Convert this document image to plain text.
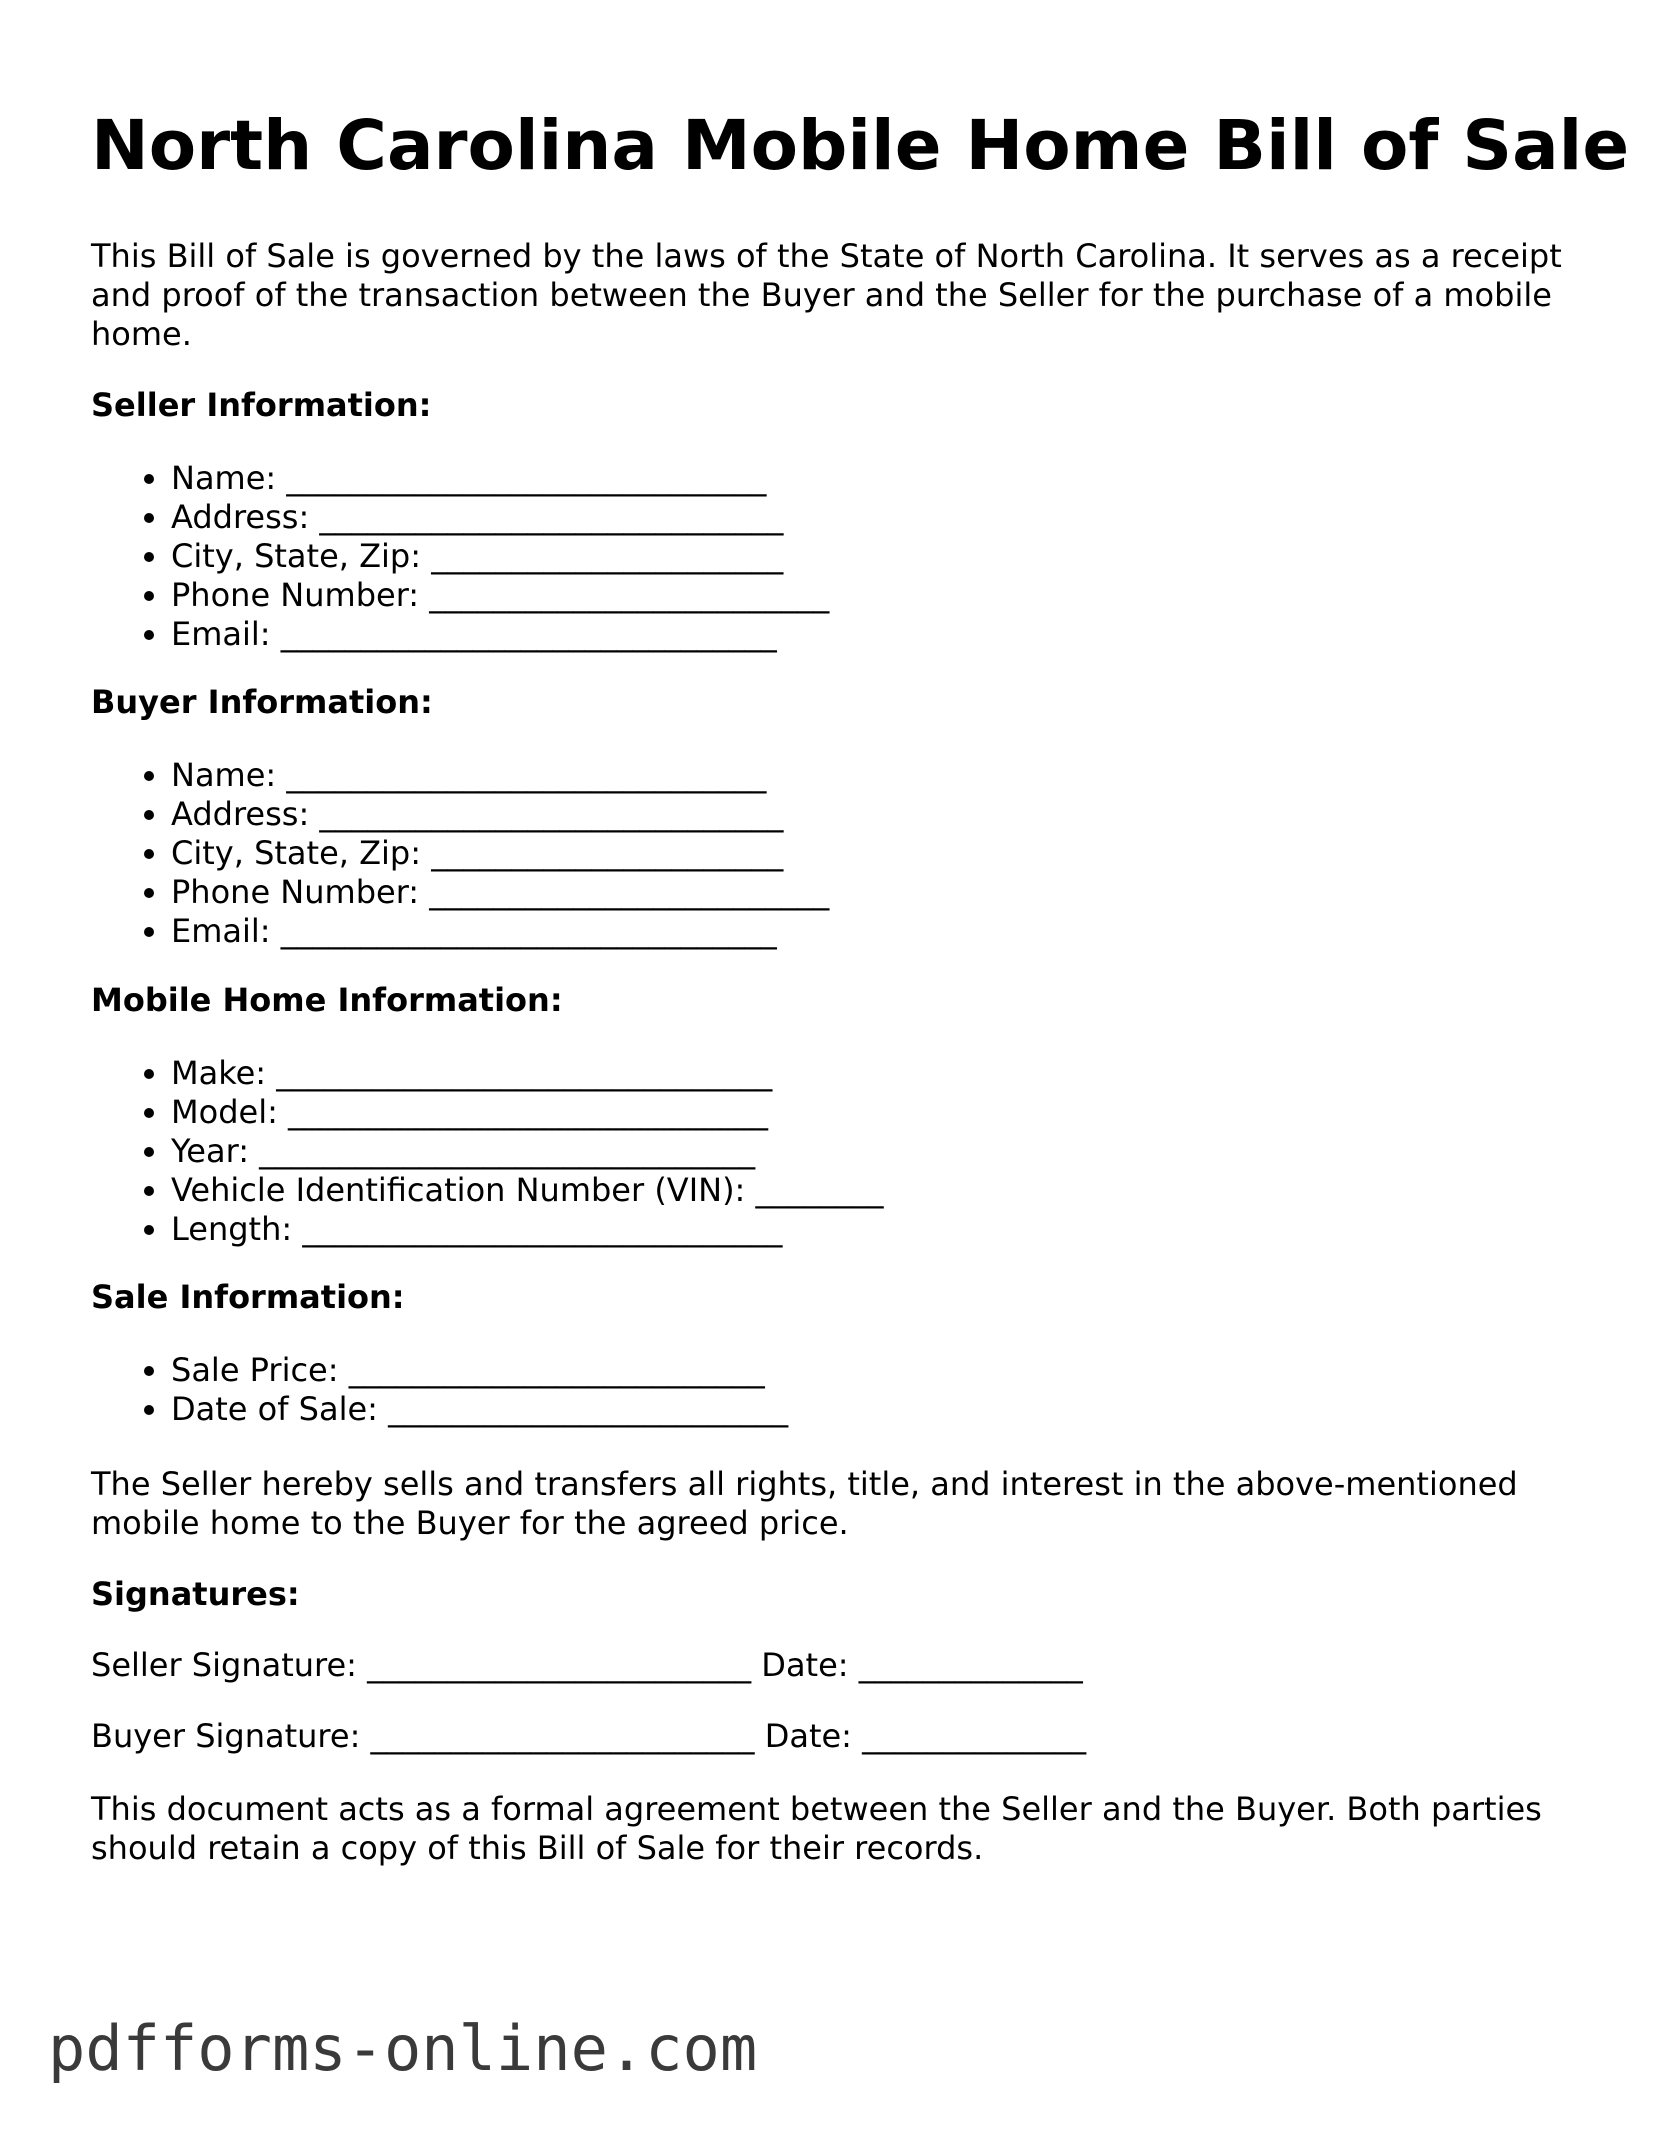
North Carolina Mobile Home Bill of Sale

This Bill of Sale is governed by the laws of the State of North Carolina. It serves as a receipt and proof of the transaction between the Buyer and the Seller for the purchase of a mobile home.

Seller Information:

• Name: ______________________________
• Address: _____________________________
• City, State, Zip: ______________________
• Phone Number: _________________________
• Email: _______________________________

Buyer Information:

• Name: ______________________________
• Address: _____________________________
• City, State, Zip: ______________________
• Phone Number: _________________________
• Email: _______________________________

Mobile Home Information:

• Make: _______________________________
• Model: ______________________________
• Year: _______________________________
• Vehicle Identification Number (VIN): ________
• Length: ______________________________

Sale Information:

• Sale Price: __________________________
• Date of Sale: _________________________

The Seller hereby sells and transfers all rights, title, and interest in the above-mentioned mobile home to the Buyer for the agreed price.

Signatures:

Seller Signature: ________________________ Date: ______________

Buyer Signature: ________________________ Date: ______________

This document acts as a formal agreement between the Seller and the Buyer. Both parties should retain a copy of this Bill of Sale for their records.

pdfforms-online.com
